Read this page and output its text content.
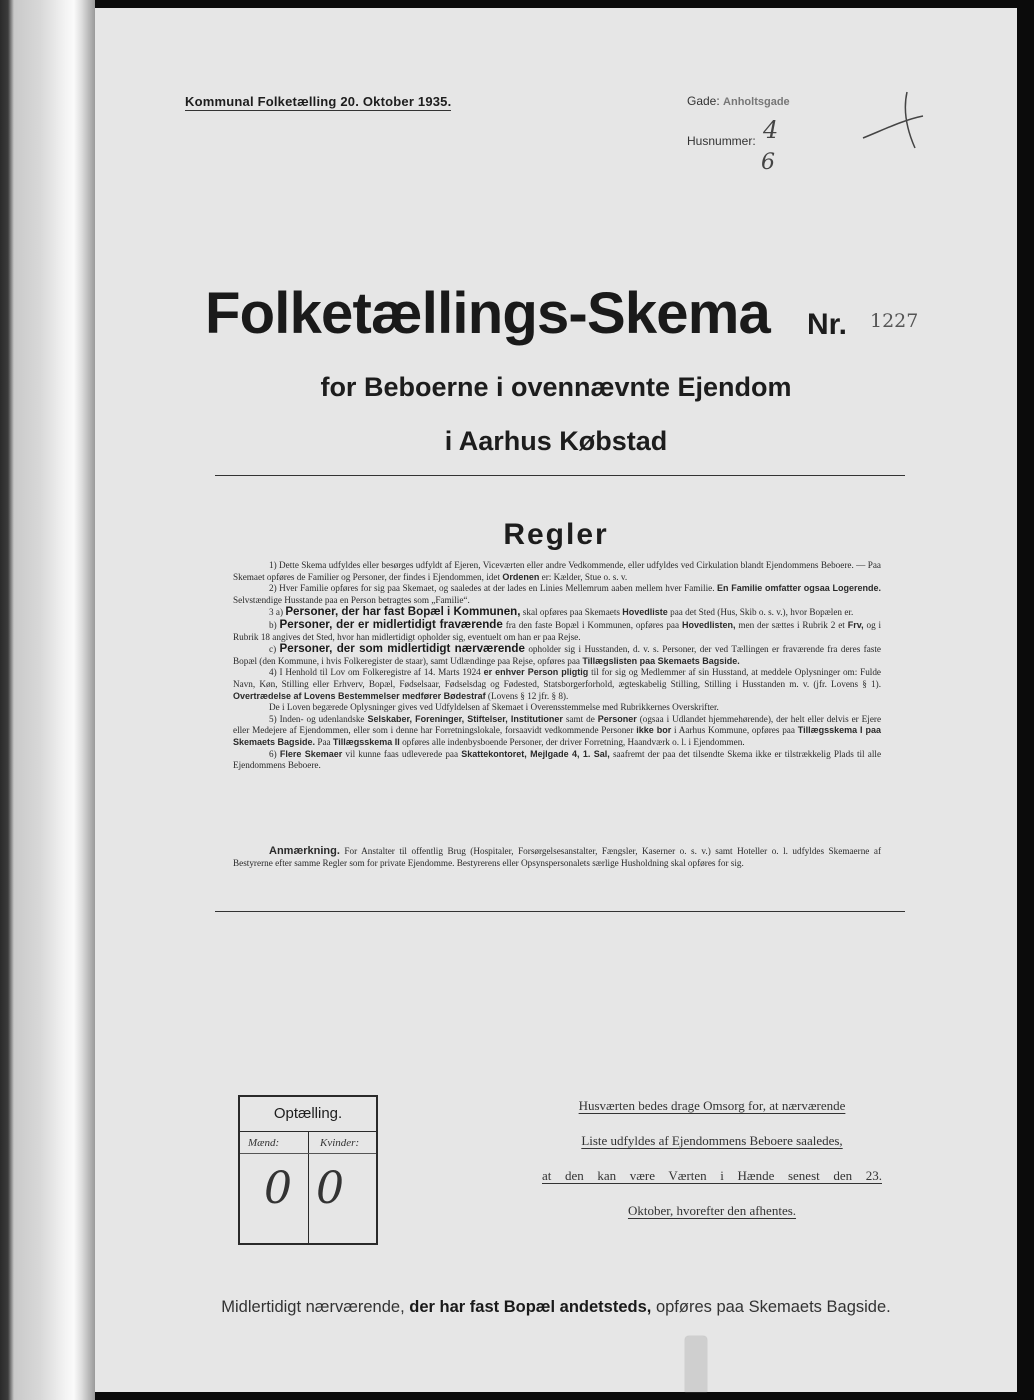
Kommunal Folketælling 20. Oktober 1935.	Gade: Anholtsgade
Husnummer: 4
6
Folketællings-Skema Nr. 1227
for Beboerne i ovennævnte Ejendom
i Aarhus Købstad
Regler

1) Dette Skema udfyldes eller besørges udfyldt af Ejeren, Viceværten eller andre Vedkommende, eller udfyldes ved Cirkulation blandt Ejendommens Beboere. — Paa Skemaet opføres de Familier og Personer, der findes i Ejendommen, idet Ordenen er: Kælder, Stue o. s. v.

2) Hver Familie opføres for sig paa Skemaet, og saaledes at der lades en Linies Mellemrum aaben mellem hver Familie. En Familie omfatter ogsaa Logerende. Selvstændige Husstande paa en Person betragtes som „Familie“.

3 a) Personer, der har fast Bopæl i Kommunen, skal opføres paa Skemaets Hovedliste paa det Sted (Hus, Skib o. s. v.), hvor Bopælen er.

b) Personer, der er midlertidigt fraværende fra den faste Bopæl i Kommunen, opføres paa Hovedlisten, men der sættes i Rubrik 2 et Frv, og i Rubrik 18 angives det Sted, hvor han midlertidigt opholder sig, eventuelt om han er paa Rejse.

c) Personer, der som midlertidigt nærværende opholder sig i Husstanden, d. v. s. Personer, der ved Tællingen er fraværende fra deres faste Bopæl (den Kommune, i hvis Folkeregister de staar), samt Udlændinge paa Rejse, opføres paa Tillægslisten paa Skemaets Bagside.

4) I Henhold til Lov om Folkeregistre af 14. Marts 1924 er enhver Person pligtig til for sig og Medlemmer af sin Husstand, at meddele Oplysninger om: Fulde Navn, Køn, Stilling eller Erhverv, Bopæl, Fødselsaar, Fødselsdag og Fødested, Statsborgerforhold, ægteskabelig Stilling, Stilling i Husstanden m. v. (jfr. Lovens § 1). Overtrædelse af Lovens Bestemmelser medfører Bødestraf (Lovens § 12 jfr. § 8).

De i Loven begærede Oplysninger gives ved Udfyldelsen af Skemaet i Overensstemmelse med Rubrikkernes Overskrifter.

5) Inden- og udenlandske Selskaber, Foreninger, Stiftelser, Institutioner samt de Personer (ogsaa i Udlandet hjemmehørende), der helt eller delvis er Ejere eller Medejere af Ejendommen, eller som i denne har Forretningslokale, forsaavidt vedkommende Personer ikke bor i Aarhus Kommune, opføres paa Tillægsskema I paa Skemaets Bagside. Paa Tillægsskema II opføres alle indenbysboende Personer, der driver Forretning, Haandværk o. l. i Ejendommen.

6) Flere Skemaer vil kunne faas udleverede paa Skattekontoret, Mejlgade 4, 1. Sal, saafremt der paa det tilsendte Skema ikke er tilstrækkelig Plads til alle Ejendommens Beboere.

Anmærkning. For Anstalter til offentlig Brug (Hospitaler, Forsørgelsesanstalter, Fængsler, Kaserner o. s. v.) samt Hoteller o. l. udfyldes Skemaerne af Bestyrerne efter samme Regler som for private Ejendomme. Bestyrerens eller Opsynspersonalets særlige Husholdning skal opføres for sig.

Optælling.
Mænd:	Kvinder:
0 0
Husværten bedes drage Omsorg for, at nærværende
Liste udfyldes af Ejendommens Beboere saaledes,
at den kan være Værten i Hænde senest den 23.
Oktober, hvorefter den afhentes.
Midlertidigt nærværende, der har fast Bopæl andetsteds, opføres paa Skemaets Bagside.
